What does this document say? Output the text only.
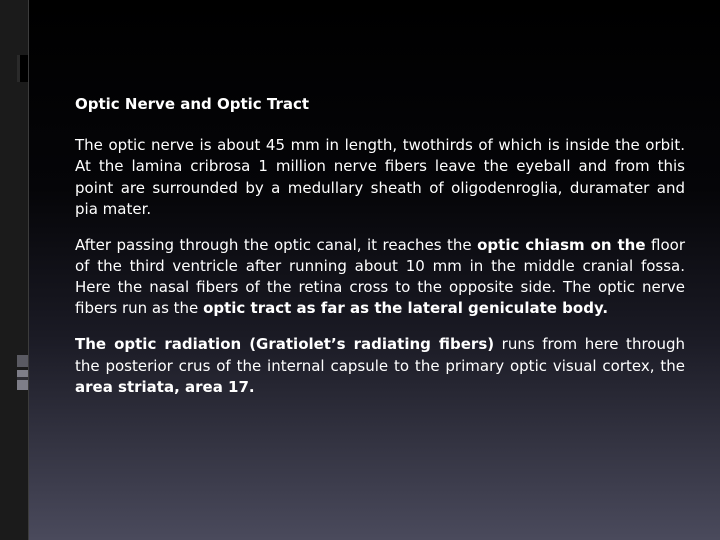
Optic Nerve and Optic Tract

The optic nerve is about 45 mm in length, twothirds of which is inside the orbit. At the lamina cribrosa 1 million nerve fibers leave the eyeball and from this point are surrounded by a medullary sheath of oligodenroglia, duramater and pia mater.

After passing through the optic canal, it reaches the optic chiasm on the floor of the third ventricle after running about 10 mm in the middle cranial fossa. Here the nasal fibers of the retina cross to the opposite side. The optic nerve fibers run as the optic tract as far as the lateral geniculate body.

The optic radiation (Gratiolet’s radiating fibers) runs from here through the posterior crus of the internal capsule to the primary optic visual cortex, the area striata, area 17.
